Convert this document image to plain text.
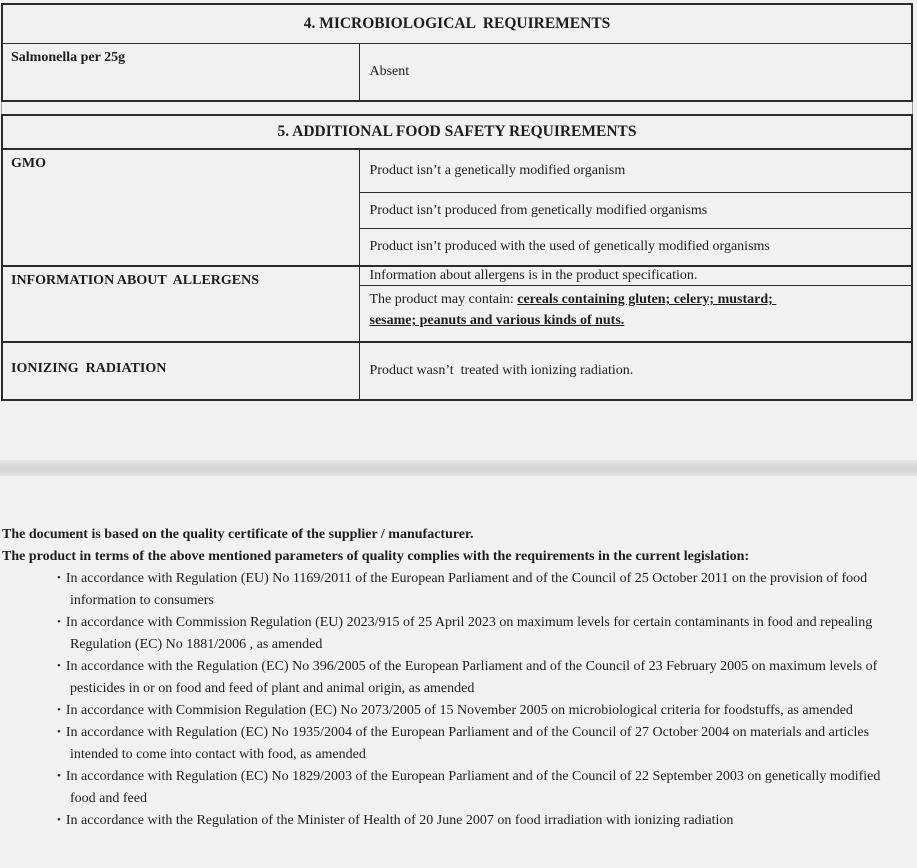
4. MICROBIOLOGICAL  REQUIREMENTS
Salmonella per 25g	Absent
5. ADDITIONAL FOOD SAFETY REQUIREMENTS	
GMO	Product isn’t a genetically modified organism
	Product isn’t produced from genetically modified organisms
	Product isn’t produced with the used of genetically modified organisms
INFORMATION ABOUT  ALLERGENS	Information about allergens is in the product specification.
	The product may contain: cereals containing gluten; celery; mustard;
sesame; peanuts and various kinds of nuts.
IONIZING  RADIATION	Product wasn’t  treated with ionizing radiation.

The document is based on the quality certificate of the supplier / manufacturer.

The product in terms of the above mentioned parameters of quality complies with the requirements in the current legislation:

• In accordance with Regulation (EU) No 1169/2011 of the European Parliament and of the Council of 25 October 2011 on the provision of food information to consumers
• In accordance with Commission Regulation (EU) 2023/915 of 25 April 2023 on maximum levels for certain contaminants in food and repealing Regulation (EC) No 1881/2006 , as amended
• In accordance with the Regulation (EC) No 396/2005 of the European Parliament and of the Council of 23 February 2005 on maximum levels of pesticides in or on food and feed of plant and animal origin, as amended
• In accordance with Commision Regulation (EC) No 2073/2005 of 15 November 2005 on microbiological criteria for foodstuffs, as amended
• In accordance with Regulation (EC) No 1935/2004 of the European Parliament and of the Council of 27 October 2004 on materials and articles intended to come into contact with food, as amended
• In accordance with Regulation (EC) No 1829/2003 of the European Parliament and of the Council of 22 September 2003 on genetically modified food and feed
• In accordance with the Regulation of the Minister of Health of 20 June 2007 on food irradiation with ionizing radiation
